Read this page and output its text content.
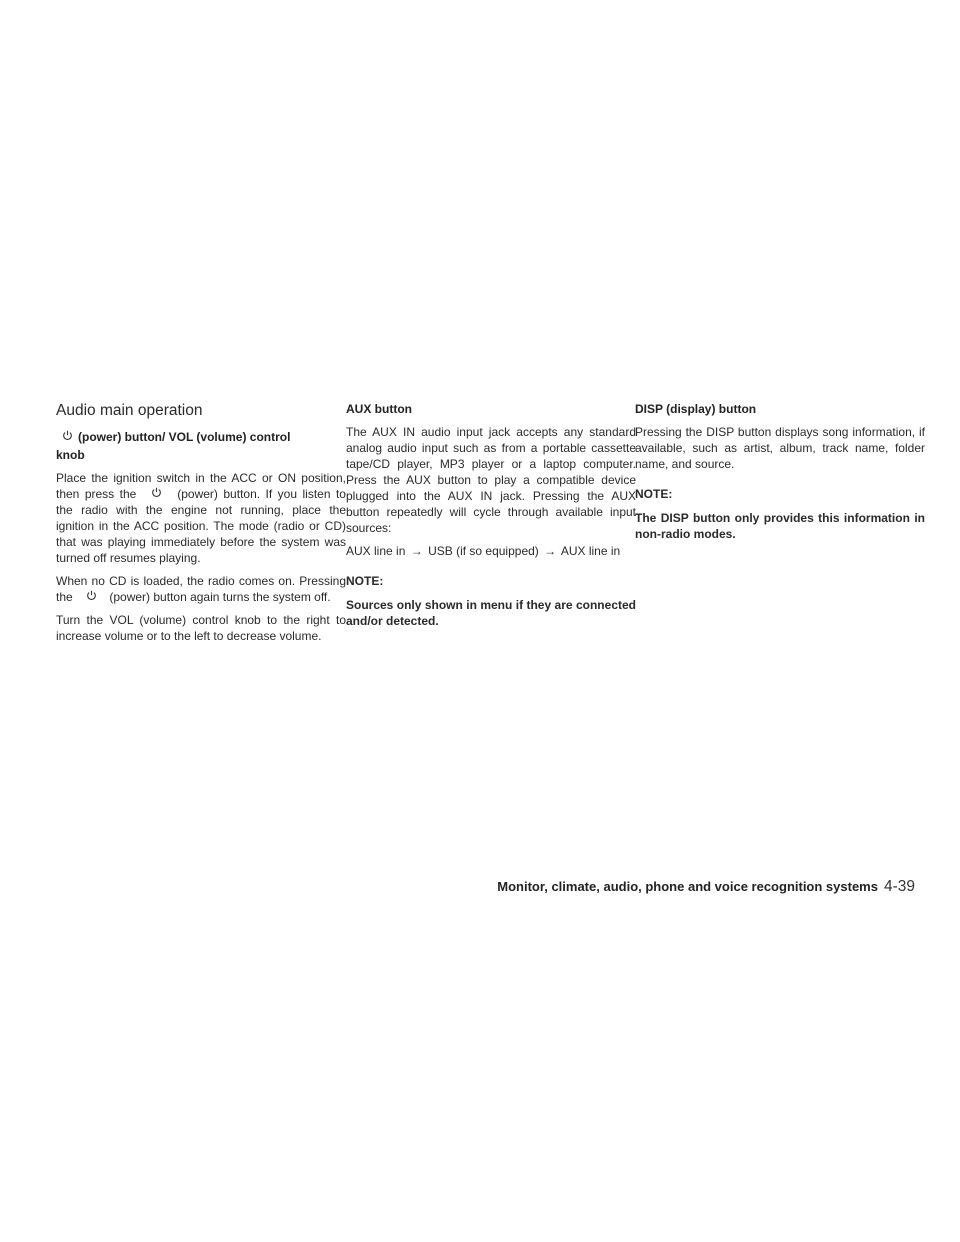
Audio main operation
(power) button/ VOL (volume) control
knob

Place the ignition switch in the ACC or ON position, then press the	(power) button. If you listen to the radio with the engine not running, place the ignition in the ACC position. The mode (radio or CD) that was playing immediately before the system was turned off resumes playing.

When no CD is loaded, the radio comes on. Pressing the	(power) button again turns the system off.

Turn the VOL (volume) control knob to the right to increase volume or to the left to decrease volume.

AUX button

The AUX IN audio input jack accepts any standard analog audio input such as from a portable cassette tape/CD player, MP3 player or a laptop computer. Press the AUX button to play a compatible device plugged into the AUX IN jack. Pressing the AUX button repeatedly will cycle through available input sources:

AUX line in → USB (if so equipped) → AUX line in

NOTE:

Sources only shown in menu if they are connected and/or detected.

DISP (display) button

Pressing the DISP button displays song information, if available, such as artist, album, track name, folder name, and source.

NOTE:

The DISP button only provides this information in non-radio modes.

Monitor, climate, audio, phone and voice recognition systems 4-39
